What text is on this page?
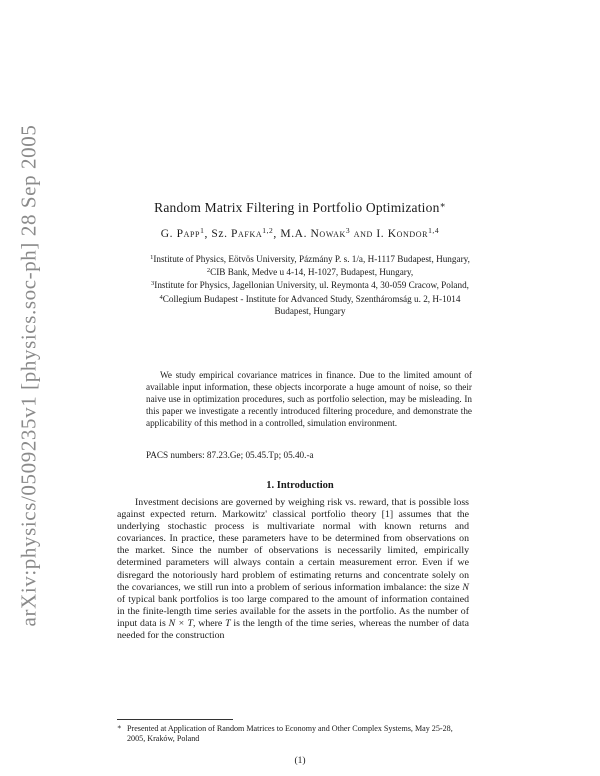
arXiv:physics/0509235v1 [physics.soc-ph] 28 Sep 2005	Random Matrix Filtering in Portfolio Optimization∗
G. Papp$^1$, Sz. Pafka$^{1,2}$, M.A. Nowak$^3$ and I. Kondor$^{1,4}$
$^1$Institute of Physics, Eötvös University, Pázmány P. s. 1/a, H-1117 Budapest, Hungary,
$^2$CIB Bank, Medve u 4-14, H-1027, Budapest, Hungary,
$^3$Institute for Physics, Jagellonian University, ul. Reymonta 4, 30-059 Cracow, Poland,
$^4$Collegium Budapest - Institute for Advanced Study, Szentháromság u. 2, H-1014 Budapest, Hungary
We study empirical covariance matrices in finance. Due to the limited amount of available input information, these objects incorporate a huge amount of noise, so their naive use in optimization procedures, such as portfolio selection, may be misleading. In this paper we investigate a recently introduced filtering procedure, and demonstrate the applicability of this method in a controlled, simulation environment.
PACS numbers: 87.23.Ge; 05.45.Tp; 05.40.-a
1. Introduction
Investment decisions are governed by weighing risk vs. reward, that is possible loss against expected return. Markowitz' classical portfolio theory [1] assumes that the underlying stochastic process is multivariate normal with known returns and covariances. In practice, these parameters have to be determined from observations on the market. Since the number of observations is necessarily limited, empirically determined parameters will always contain a certain measurement error. Even if we disregard the notoriously hard problem of estimating returns and concentrate solely on the covariances, we still run into a problem of serious information imbalance: the size N of typical bank portfolios is too large compared to the amount of information contained in the finite-length time series available for the assets in the portfolio. As the number of input data is N × T, where T is the length of the time series, whereas the number of data needed for the construction
∗ Presented at Application of Random Matrices to Economy and Other Complex Systems, May 25-28, 2005, Kraków, Poland
(1)
